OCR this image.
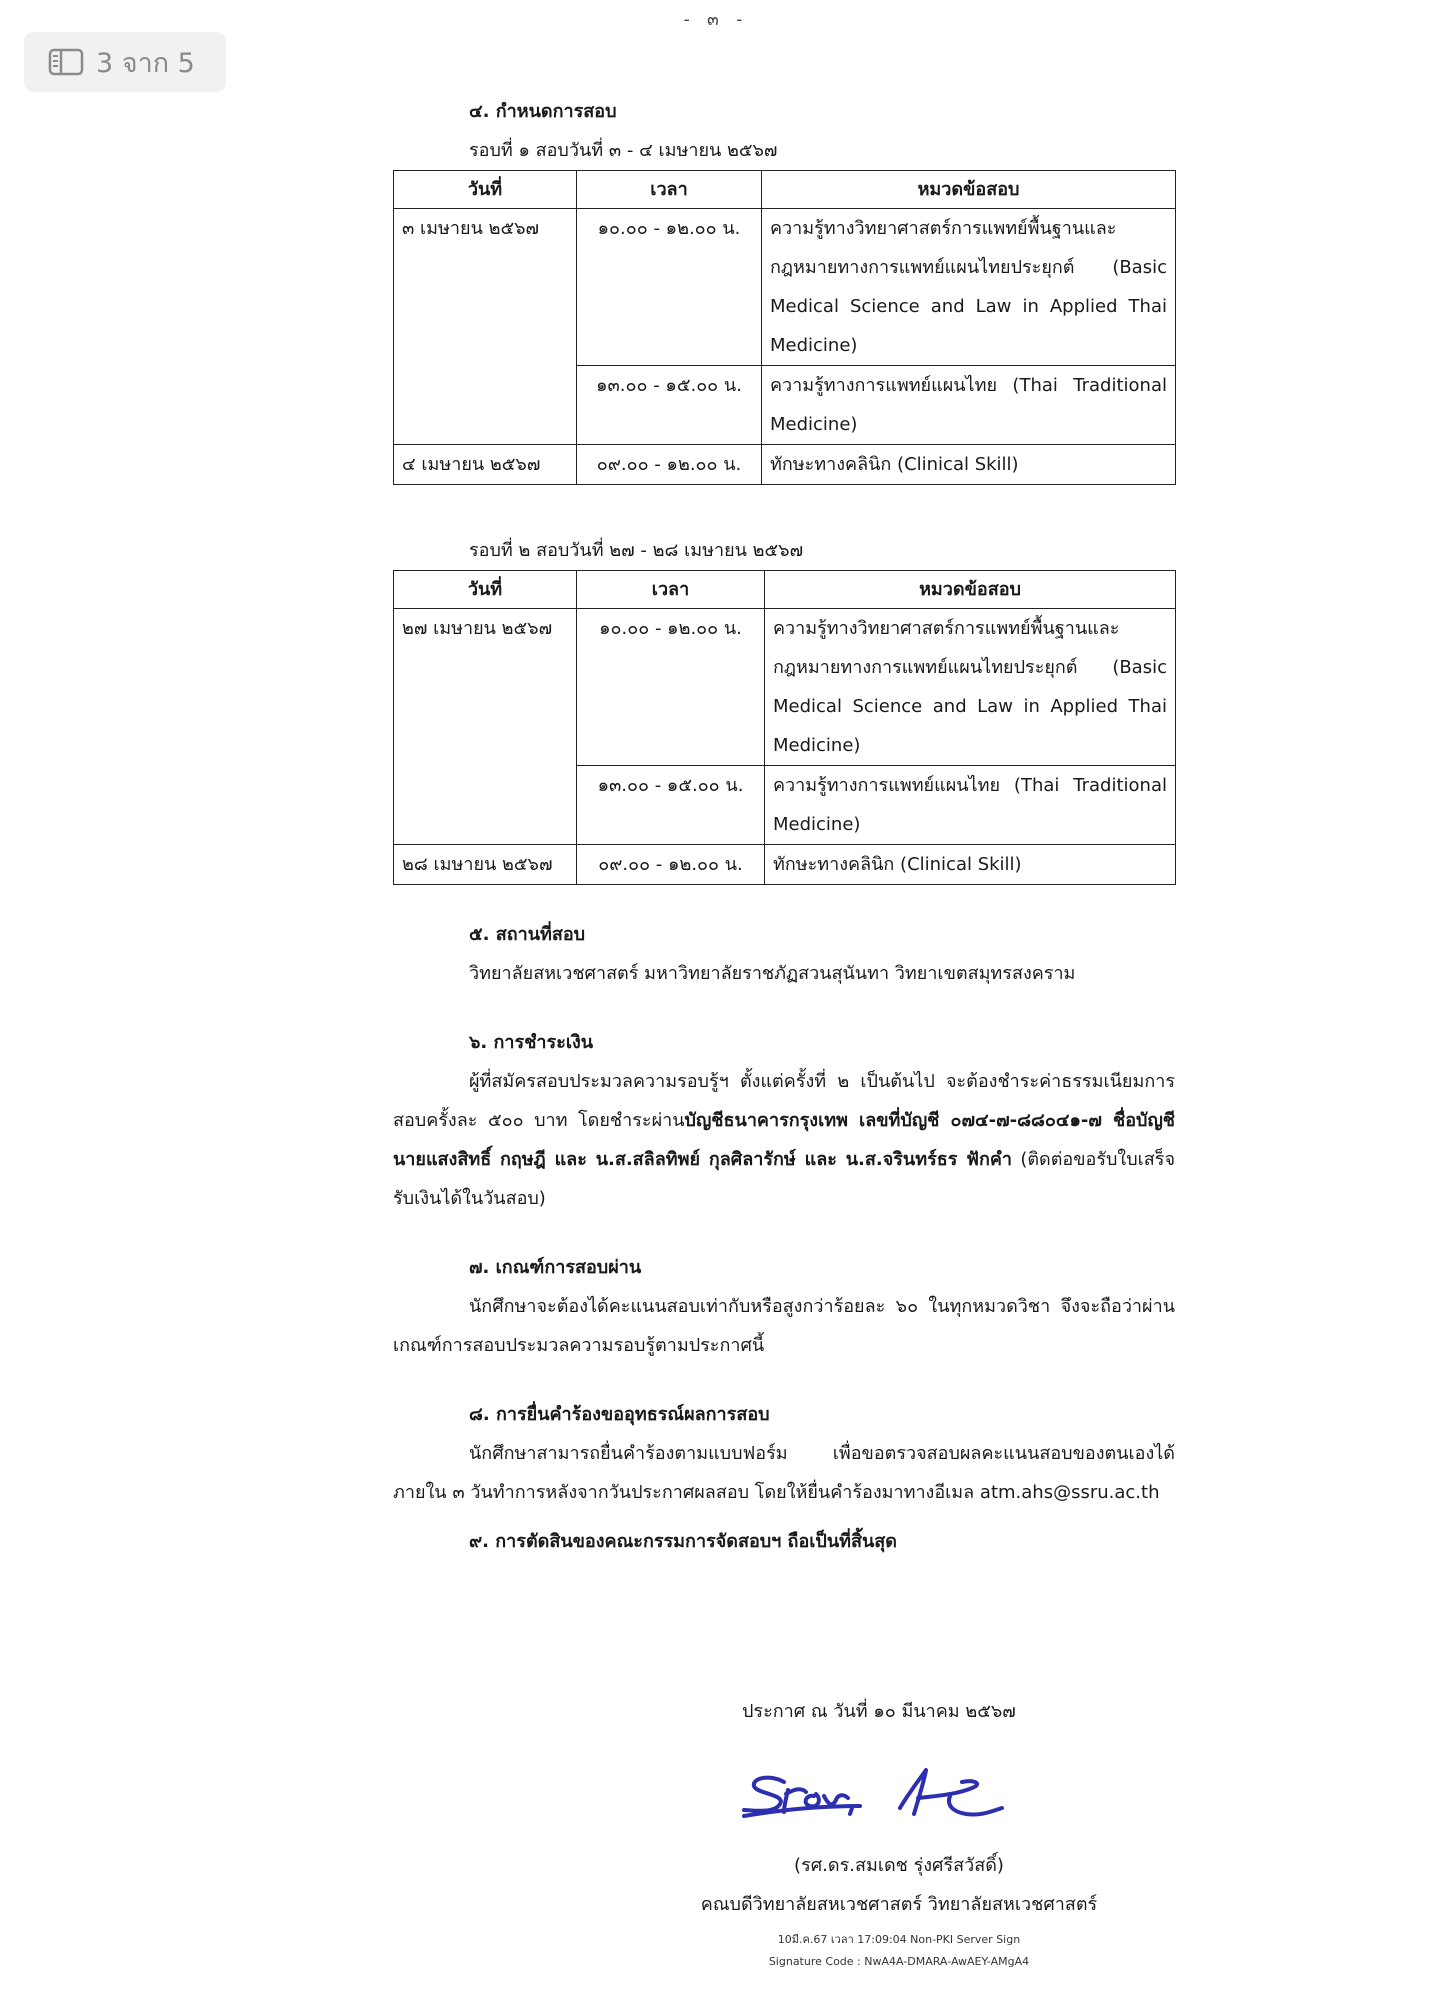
- ๓ -
3 จาก 5
๔. กำหนดการสอบ
รอบที่ ๑ สอบวันที่ ๓ - ๔ เมษายน ๒๕๖๗
วันที่	เวลา	หมวดข้อสอบ
๓ เมษายน ๒๕๖๗	๑๐.๐๐ - ๑๒.๐๐ น.	ความรู้ทางวิทยาศาสตร์การแพทย์พื้นฐานและกฎหมายทางการแพทย์แผนไทยประยุกต์ (Basic Medical Science and Law in Applied Thai Medicine)
	๑๓.๐๐ - ๑๕.๐๐ น.	ความรู้ทางการแพทย์แผนไทย (Thai Traditional Medicine)
๔ เมษายน ๒๕๖๗	๐๙.๐๐ - ๑๒.๐๐ น.	ทักษะทางคลินิก (Clinical Skill)
รอบที่ ๒ สอบวันที่ ๒๗ - ๒๘ เมษายน ๒๕๖๗
วันที่	เวลา	หมวดข้อสอบ
๒๗ เมษายน ๒๕๖๗	๑๐.๐๐ - ๑๒.๐๐ น.	ความรู้ทางวิทยาศาสตร์การแพทย์พื้นฐานและกฎหมายทางการแพทย์แผนไทยประยุกต์ (Basic Medical Science and Law in Applied Thai Medicine)
	๑๓.๐๐ - ๑๕.๐๐ น.	ความรู้ทางการแพทย์แผนไทย (Thai Traditional Medicine)
๒๘ เมษายน ๒๕๖๗	๐๙.๐๐ - ๑๒.๐๐ น.	ทักษะทางคลินิก (Clinical Skill)
๕. สถานที่สอบ
วิทยาลัยสหเวชศาสตร์ มหาวิทยาลัยราชภัฏสวนสุนันทา วิทยาเขตสมุทรสงคราม
๖. การชำระเงิน
ผู้ที่สมัครสอบประมวลความรอบรู้ฯ ตั้งแต่ครั้งที่ ๒ เป็นต้นไป จะต้องชำระค่าธรรมเนียมการสอบครั้งละ ๕๐๐ บาท โดยชำระผ่านบัญชีธนาคารกรุงเทพ เลขที่บัญชี ๐๗๔-๗-๘๘๐๔๑-๗ ชื่อบัญชี นายแสงสิทธิ์ กฤษฎี และ น.ส.สลิลทิพย์ กุลศิลารักษ์ และ น.ส.จรินทร์ธร ฟักคำ (ติดต่อขอรับใบเสร็จรับเงินได้ในวันสอบ)
๗. เกณฑ์การสอบผ่าน
นักศึกษาจะต้องได้คะแนนสอบเท่ากับหรือสูงกว่าร้อยละ ๖๐ ในทุกหมวดวิชา จึงจะถือว่าผ่านเกณฑ์การสอบประมวลความรอบรู้ตามประกาศนี้
๘. การยื่นคำร้องขออุทธรณ์ผลการสอบ
นักศึกษาสามารถยื่นคำร้องตามแบบฟอร์ม เพื่อขอตรวจสอบผลคะแนนสอบของตนเองได้ภายใน ๓ วันทำการหลังจากวันประกาศผลสอบ โดยให้ยื่นคำร้องมาทางอีเมล atm.ahs@ssru.ac.th
๙. การตัดสินของคณะกรรมการจัดสอบฯ ถือเป็นที่สิ้นสุด
ประกาศ ณ วันที่ ๑๐ มีนาคม ๒๕๖๗
(รศ.ดร.สมเดช รุ่งศรีสวัสดิ์)
คณบดีวิทยาลัยสหเวชศาสตร์ วิทยาลัยสหเวชศาสตร์
10มี.ค.67 เวลา 17:09:04 Non-PKI Server Sign
Signature Code : NwA4A-DMARA-AwAEY-AMgA4
